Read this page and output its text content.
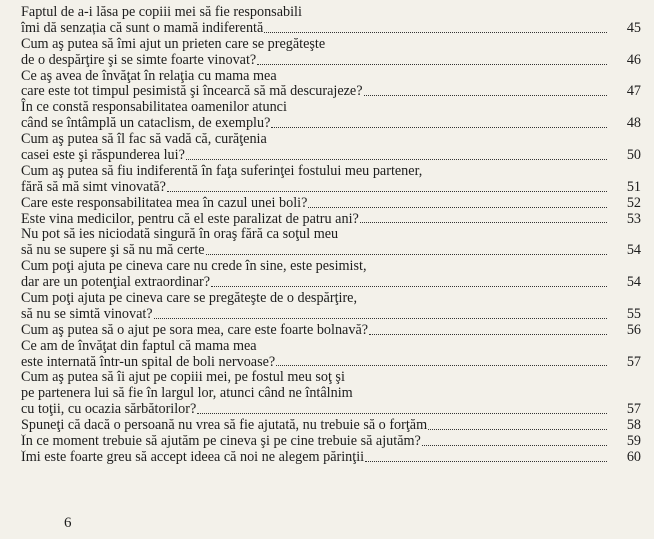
Faptul de a-i lăsa pe copiii mei să fie responsabili
îmi dă senzația că sunt o mamă indiferentă	45
Cum aş putea să îmi ajut un prieten care se pregăteşte
de o despărţire şi se simte foarte vinovat?	46
Ce aş avea de învăţat în relaţia cu mama mea
care este tot timpul pesimistă şi încearcă să mă descurajeze?	47
În ce constă responsabilitatea oamenilor atunci
când se întâmplă un cataclism, de exemplu?	48
Cum aş putea să îl fac să vadă că, curăţenia
casei este şi răspunderea lui?	50
Cum aş putea să fiu indiferentă în faţa suferinţei fostului meu partener,
fără să mă simt vinovată?	51
Care este responsabilitatea mea în cazul unei boli?	52
Este vina medicilor, pentru că el este paralizat de patru ani?	53
Nu pot să ies niciodată singură în oraş fără ca soţul meu
să nu se supere şi să nu mă certe	54
Cum poţi ajuta pe cineva care nu crede în sine, este pesimist,
dar are un potenţial extraordinar?	54
Cum poţi ajuta pe cineva care se pregăteşte de o despărţire,
să nu se simtă vinovat?	55
Cum aş putea să o ajut pe sora mea, care este foarte bolnavă?	56
Ce am de învăţat din faptul că mama mea
este internată într-un spital de boli nervoase?	57
Cum aş putea să îi ajut pe copiii mei, pe fostul meu soţ şi
pe partenera lui să fie în largul lor, atunci când ne întâlnim
cu toţii, cu ocazia sărbătorilor?	57
Spuneţi că dacă o persoană nu vrea să fie ajutată, nu trebuie să o forţăm	58
În ce moment trebuie să ajutăm pe cineva şi pe cine trebuie să ajutăm?	59
Îmi este foarte greu să accept ideea că noi ne alegem părinţii	60
6
